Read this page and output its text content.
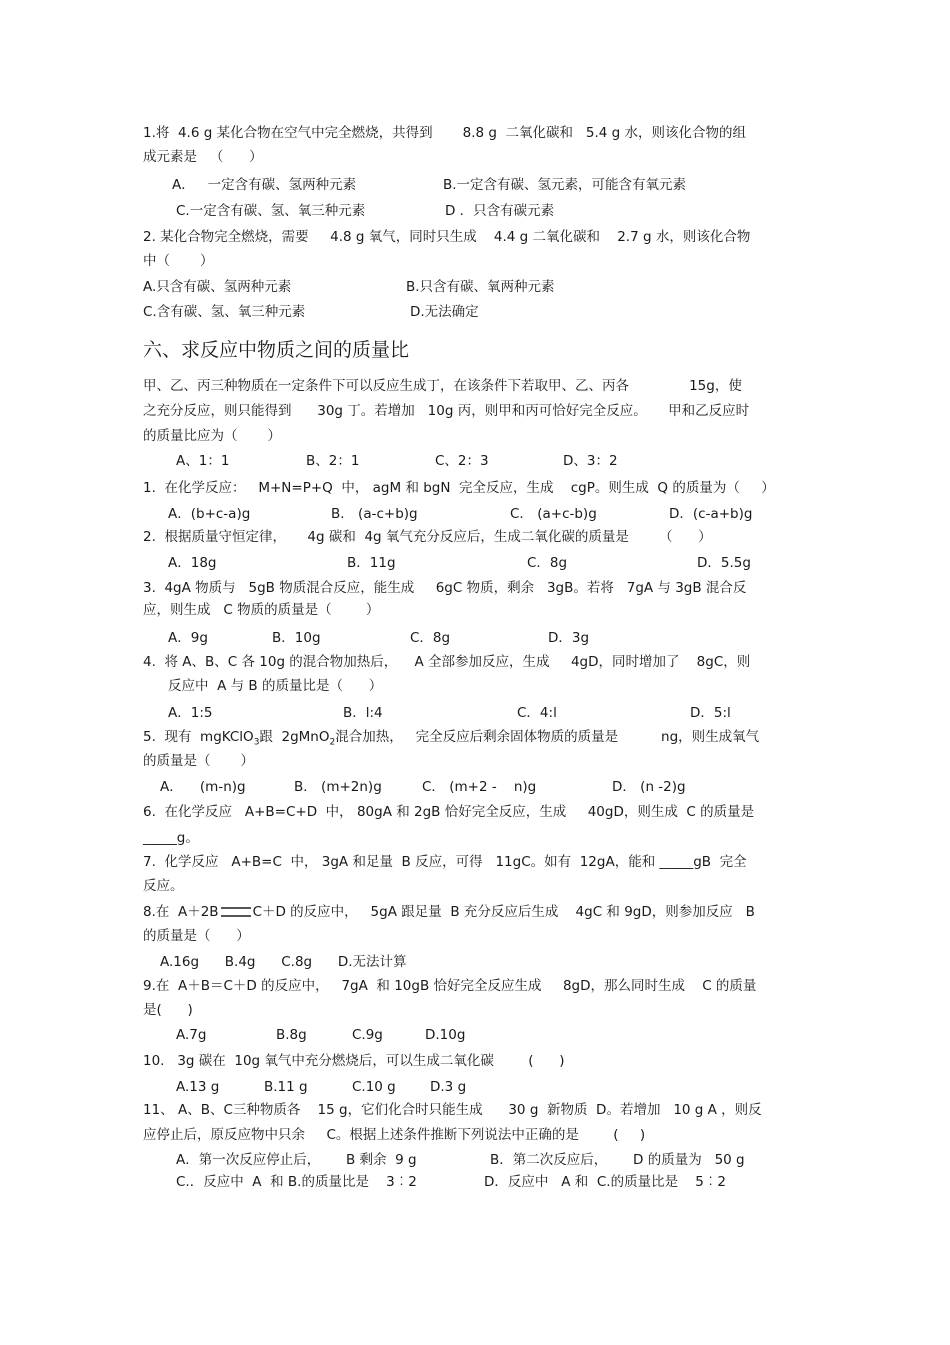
1.将  4.6 g 某化合物在空气中完全燃烧，共得到       8.8 g  二氧化碳和   5.4 g 水，则该化合物的组
成元素是   （      ）
A．   一定含有碳、氢两种元素	B.一定含有碳、氢元素，可能含有氧元素
C.一定含有碳、氢、氧三种元素	D ．只含有碳元素
2. 某化合物完全燃烧，需要     4.8 g 氧气，同时只生成    4.4 g 二氧化碳和    2.7 g 水，则该化合物
中（       ）
A.只含有碳、氢两种元素	B.只含有碳、氧两种元素
C.含有碳、氢、氧三种元素	D.无法确定
六、求反应中物质之间的质量比
甲、乙、丙三种物质在一定条件下可以反应生成丁，在该条件下若取甲、乙、丙各              15g，使
之充分反应，则只能得到      30g 丁。若增加   10g 丙，则甲和丙可恰好完全反应。     甲和乙反应时
的质量比应为（       ）
A、1：1	B、2：1	C、2：3	D、3：2
1.  在化学反应：   M+N=P+Q  中， agM 和 bgN  完全反应，生成    cgP。则生成  Q 的质量为（     ）
A．(b+c-a)g	B． (a-c+b)g	C． (a+c-b)g	D．(c-a+b)g
2.  根据质量守恒定律，     4g 碳和  4g 氧气充分反应后，生成二氧化碳的质量是       （      ）
A．18g	B．11g	C．8g	D．5.5g
3.  4gA 物质与   5gB 物质混合反应，能生成     6gC 物质，剩余   3gB。若将   7gA 与 3gB 混合反
应，则生成   C 物质的质量是（        ）
A．9g	B．10g	C．8g	D．3g
4.  将 A、B、C 各 10g 的混合物加热后，    A 全部参加反应，生成     4gD，同时增加了    8gC，则
反应中  A 与 B 的质量比是（      ）
A．1:5	B．l:4	C．4:l	D．5:l
5.  现有  mgKClO$_3$跟  2gMnO$_2$混合加热，   完全反应后剩余固体物质的质量是          ng，则生成氧气
的质量是（       ）
A．    (m-n)g	B． (m+2n)g	C． (m+2 -    n)g	D． (n -2)g
6.  在化学反应   A+B=C+D  中， 80gA 和 2gB 恰好完全反应，生成     40gD，则生成  C 的质量是
_____g。
7.  化学反应   A+B=C  中， 3gA 和足量  B 反应，可得   11gC。如有  12gA，能和 _____gB  完全
反应。
8.在  A＋2B	C＋D 的反应中，   5gA 跟足量  B 充分反应后生成    4gC 和 9gD，则参加反应   B
的质量是（      ）
A.16g      B.4g      C.8g      D.无法计算
9.在  A＋B＝C＋D 的反应中，   7gA  和 10gB 恰好完全反应生成     8gD，那么同时生成    C 的质量
是(      )
A.7g	B.8g	C.9g	D.10g
10.   3g 碳在  10g 氧气中充分燃烧后，可以生成二氧化碳        (      )
A.13 g	B.11 g	C.10 g	D.3 g
11、 A、B、C三种物质各    15 g，它们化合时只能生成      30 g  新物质  D。若增加   10 g A ，则反
应停止后，原反应物中只余     C。根据上述条件推断下列说法中正确的是        (     )
A．第一次反应停止后，      B 剩余  9 g	B．第二次反应后，      D 的质量为   50 g
C.．反应中  A  和 B.的质量比是    3︰2	D．反应中   A 和  C.的质量比是    5︰2
